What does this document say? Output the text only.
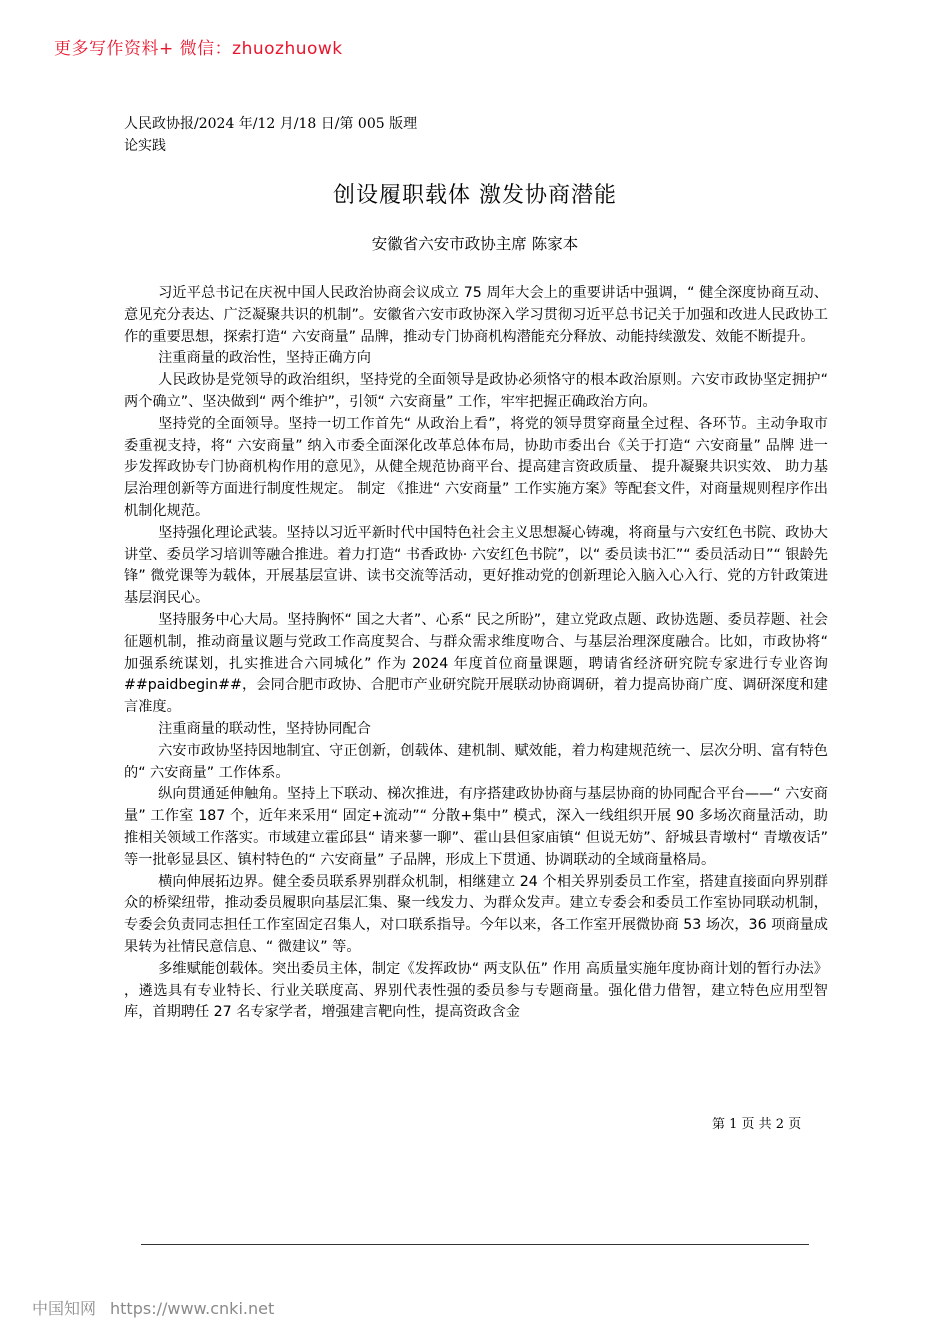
更多写作资料+ 微信：zhuozhuowk
人民政协报/2024 年/12 月/18 日/第 005 版理论实践
创设履职载体 激发协商潜能
安徽省六安市政协主席 陈家本

习近平总书记在庆祝中国人民政治协商会议成立 75 周年大会上的重要讲话中强调，“ 健全深度协商互动、意见充分表达、广泛凝聚共识的机制”。安徽省六安市政协深入学习贯彻习近平总书记关于加强和改进人民政协工作的重要思想，探索打造“ 六安商量” 品牌，推动专门协商机构潜能充分释放、动能持续激发、效能不断提升。

注重商量的政治性，坚持正确方向

人民政协是党领导的政治组织，坚持党的全面领导是政协必须恪守的根本政治原则。六安市政协坚定拥护“ 两个确立”、坚决做到“ 两个维护”，引领“ 六安商量” 工作，牢牢把握正确政治方向。

坚持党的全面领导。坚持一切工作首先“ 从政治上看”，将党的领导贯穿商量全过程、各环节。主动争取市委重视支持，将“ 六安商量” 纳入市委全面深化改革总体布局，协助市委出台《关于打造“ 六安商量” 品牌 进一步发挥政协专门协商机构作用的意见》，从健全规范协商平台、提高建言资政质量、 提升凝聚共识实效、 助力基层治理创新等方面进行制度性规定。 制定 《推进“ 六安商量” 工作实施方案》等配套文件，对商量规则程序作出机制化规范。

坚持强化理论武装。坚持以习近平新时代中国特色社会主义思想凝心铸魂，将商量与六安红色书院、政协大讲堂、委员学习培训等融合推进。着力打造“ 书香政协· 六安红色书院”，以“ 委员读书汇”“ 委员活动日”“ 银龄先锋” 微党课等为载体，开展基层宣讲、读书交流等活动，更好推动党的创新理论入脑入心入行、党的方针政策进基层润民心。

坚持服务中心大局。坚持胸怀“ 国之大者”、心系“ 民之所盼”，建立党政点题、政协选题、委员荐题、社会征题机制，推动商量议题与党政工作高度契合、与群众需求维度吻合、与基层治理深度融合。比如，市政协将“ 加强系统谋划，扎实推进合六同城化” 作为 2024 年度首位商量课题，聘请省经济研究院专家进行专业咨询##paidbegin##，会同合肥市政协、合肥市产业研究院开展联动协商调研，着力提高协商广度、调研深度和建言准度。

注重商量的联动性，坚持协同配合

六安市政协坚持因地制宜、守正创新，创载体、建机制、赋效能，着力构建规范统一、层次分明、富有特色的“ 六安商量” 工作体系。

纵向贯通延伸触角。坚持上下联动、梯次推进，有序搭建政协协商与基层协商的协同配合平台——“ 六安商量” 工作室 187 个，近年来采用“ 固定+流动”“ 分散+集中” 模式，深入一线组织开展 90 多场次商量活动，助推相关领域工作落实。市域建立霍邱县“ 请来蓼一聊”、霍山县但家庙镇“ 但说无妨”、舒城县青墩村“ 青墩夜话” 等一批彰显县区、镇村特色的“ 六安商量” 子品牌，形成上下贯通、协调联动的全域商量格局。

横向伸展拓边界。健全委员联系界别群众机制，相继建立 24 个相关界别委员工作室，搭建直接面向界别群众的桥梁纽带，推动委员履职向基层汇集、聚一线发力、为群众发声。建立专委会和委员工作室协同联动机制，专委会负责同志担任工作室固定召集人，对口联系指导。今年以来，各工作室开展微协商 53 场次，36 项商量成果转为社情民意信息、“ 微建议” 等。

多维赋能创载体。突出委员主体，制定《发挥政协“ 两支队伍” 作用 高质量实施年度协商计划的暂行办法》 ，遴选具有专业特长、行业关联度高、界别代表性强的委员参与专题商量。强化借力借智，建立特色应用型智库，首期聘任 27 名专家学者，增强建言靶向性，提高资政含金

第 1 页 共 2 页
中国知网 https://www.cnki.net
